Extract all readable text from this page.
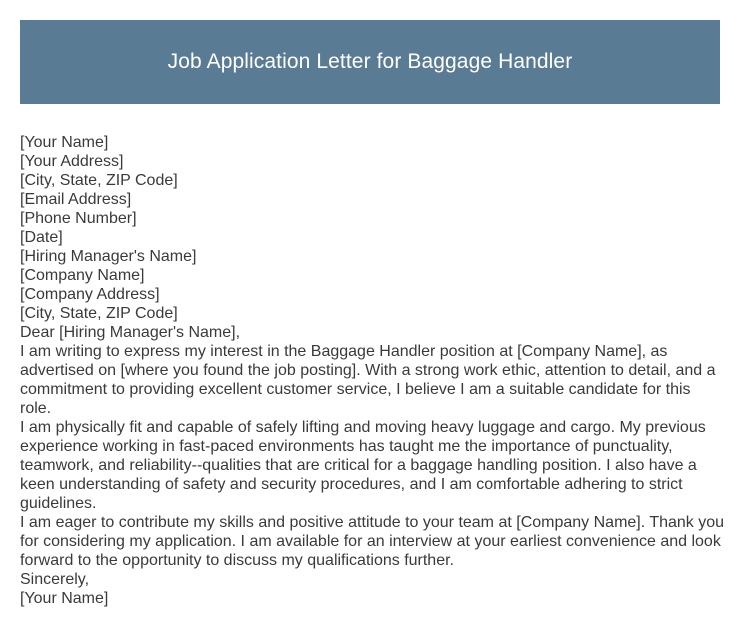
Job Application Letter for Baggage Handler
[Your Name]
[Your Address]
[City, State, ZIP Code]
[Email Address]
[Phone Number]
[Date]
[Hiring Manager's Name]
[Company Name]
[Company Address]
[City, State, ZIP Code]
Dear [Hiring Manager's Name],
I am writing to express my interest in the Baggage Handler position at [Company Name], as advertised on [where you found the job posting]. With a strong work ethic, attention to detail, and a commitment to providing excellent customer service, I believe I am a suitable candidate for this role.
I am physically fit and capable of safely lifting and moving heavy luggage and cargo. My previous experience working in fast-paced environments has taught me the importance of punctuality, teamwork, and reliability--qualities that are critical for a baggage handling position. I also have a keen understanding of safety and security procedures, and I am comfortable adhering to strict guidelines.
I am eager to contribute my skills and positive attitude to your team at [Company Name]. Thank you for considering my application. I am available for an interview at your earliest convenience and look forward to the opportunity to discuss my qualifications further.
Sincerely,
[Your Name]
